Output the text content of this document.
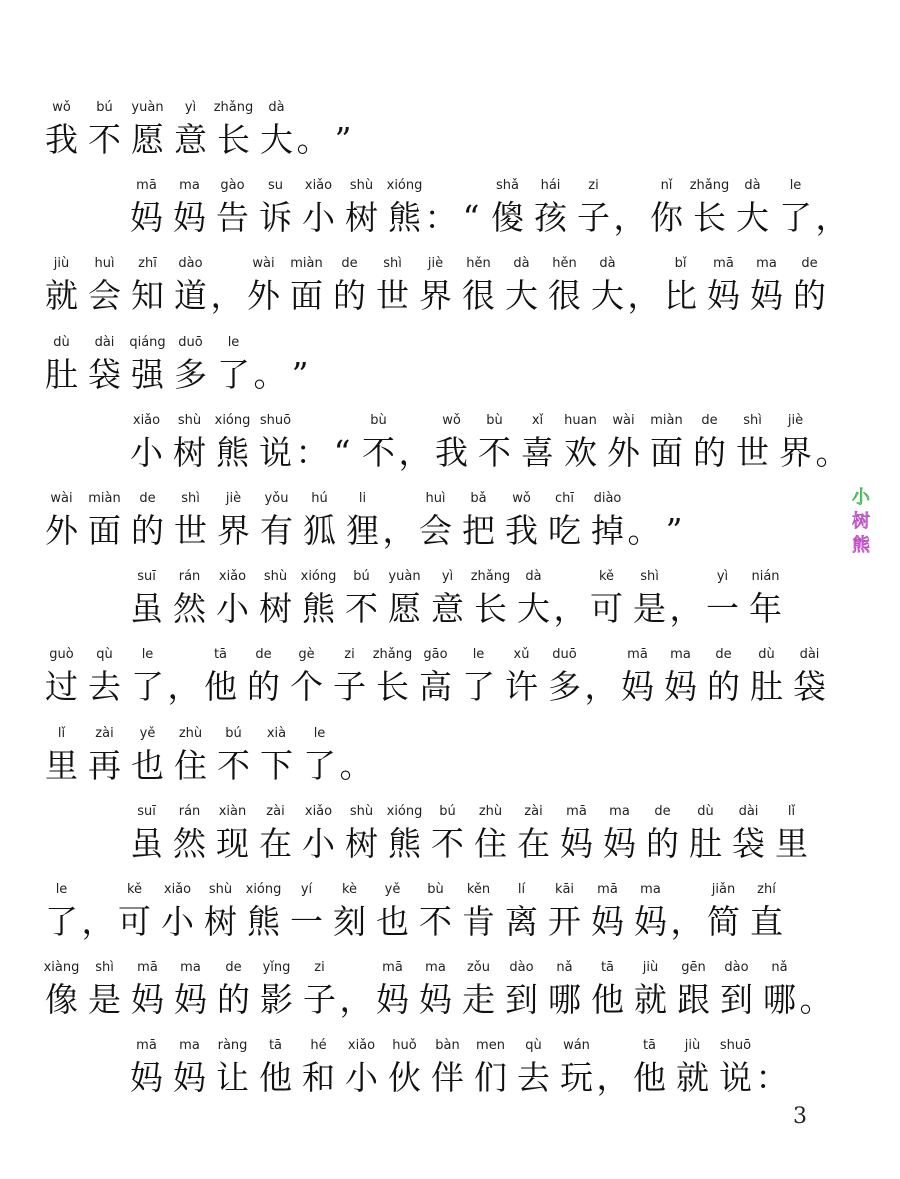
wǒ
我
bú
不
yuàn
愿
yì
意
zhǎng
长
dà
大 。 ”
mā
妈
ma
妈
gào
告
su
诉
xiǎo
小
shù
树
xióng
熊 ： “
shǎ
傻
hái
孩
zi
子 ，
nǐ
你
zhǎng
长
dà
大
le
了 ，
jiù
就
huì
会
zhī
知
dào
道 ，
wài
外
miàn
面
de
的
shì
世
jiè
界
hěn
很
dà
大
hěn
很
dà
大 ，
bǐ
比
mā
妈
ma
妈
de
的
dù
肚
dài
袋
qiáng
强
duō
多
le
了 。 ”
xiǎo
小
shù
树
xióng
熊
shuō
说 ： “
bù
不 ，
wǒ
我
bù
不
xǐ
喜
huan
欢
wài
外
miàn
面
de
的
shì
世
jiè
界 。
wài
外
miàn
面
de
的
shì
世
jiè
界
yǒu
有
hú
狐
li
狸 ，
huì
会
bǎ
把
wǒ
我
chī
吃
diào
掉 。 ”
suī
虽
rán
然
xiǎo
小
shù
树
xióng
熊
bú
不
yuàn
愿
yì
意
zhǎng
长
dà
大 ，
kě
可
shì
是 ，
yì
一
nián
年
guò
过
qù
去
le
了 ，
tā
他
de
的
gè
个
zi
子
zhǎng
长
gāo
高
le
了
xǔ
许
duō
多 ，
mā
妈
ma
妈
de
的
dù
肚
dài
袋
lǐ
里
zài
再
yě
也
zhù
住
bú
不
xià
下
le
了 。
suī
虽
rán
然
xiàn
现
zài
在
xiǎo
小
shù
树
xióng
熊
bú
不
zhù
住
zài
在
mā
妈
ma
妈
de
的
dù
肚
dài
袋
lǐ
里
le
了 ，
kě
可
xiǎo
小
shù
树
xióng
熊
yí
一
kè
刻
yě
也
bù
不
kěn
肯
lí
离
kāi
开
mā
妈
ma
妈 ，
jiǎn
简
zhí
直
xiàng
像
shì
是
mā
妈
ma
妈
de
的
yǐng
影
zi
子 ，
mā
妈
ma
妈
zǒu
走
dào
到
nǎ
哪
tā
他
jiù
就
gēn
跟
dào
到
nǎ
哪 。
mā
妈
ma
妈
ràng
让
tā
他
hé
和
xiǎo
小
huǒ
伙
bàn
伴
men
们
qù
去
wán
玩 ，
tā
他
jiù
就
shuō
说 ：
小
树
熊
3
